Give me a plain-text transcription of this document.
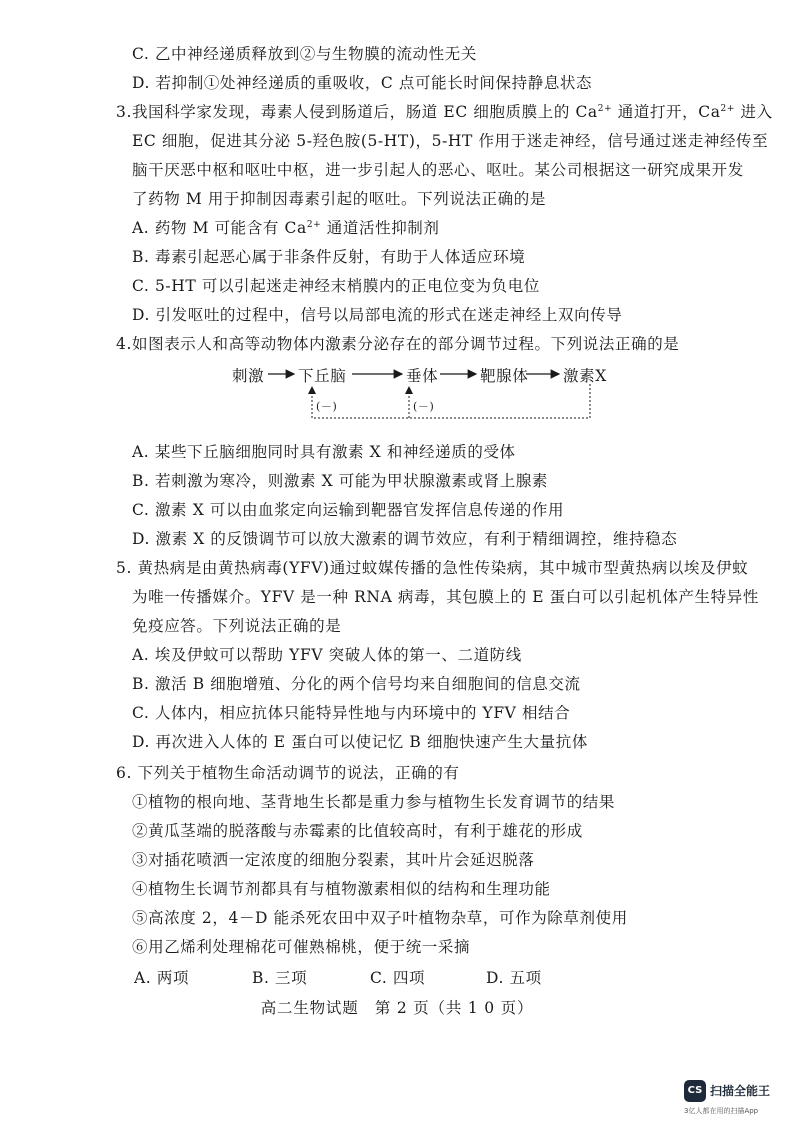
C. 乙中神经递质释放到②与生物膜的流动性无关
D. 若抑制①处神经递质的重吸收，C 点可能长时间保持静息状态
3.我国科学家发现，毒素人侵到肠道后，肠道 EC 细胞质膜上的 $Ca^{2+}$ 通道打开，$Ca^{2+}$ 进入
EC 细胞，促进其分泌 5-羟色胺(5-HT)，5-HT 作用于迷走神经，信号通过迷走神经传至
脑干厌恶中枢和呕吐中枢，进一步引起人的恶心、呕吐。某公司根据这一研究成果开发
了药物 M 用于抑制因毒素引起的呕吐。下列说法正确的是
A. 药物 M 可能含有 $Ca^{2+}$ 通道活性抑制剂
B. 毒素引起恶心属于非条件反射，有助于人体适应环境
C. 5-HT 可以引起迷走神经末梢膜内的正电位变为负电位
D. 引发呕吐的过程中，信号以局部电流的形式在迷走神经上双向传导
4.如图表示人和高等动物体内激素分泌存在的部分调节过程。下列说法正确的是
刺激 下丘脑	垂体	靶腺体 激素X
(－)	(－)
A. 某些下丘脑细胞同时具有激素 X 和神经递质的受体
B. 若刺激为寒冷，则激素 X 可能为甲状腺激素或肾上腺素
C. 激素 X 可以由血浆定向运输到靶器官发挥信息传递的作用
D. 激素 X 的反馈调节可以放大激素的调节效应，有利于精细调控，维持稳态
5. 黄热病是由黄热病毒(YFV)通过蚊媒传播的急性传染病，其中城市型黄热病以埃及伊蚊
为唯一传播媒介。YFV 是一种 RNA 病毒，其包膜上的 E 蛋白可以引起机体产生特异性
免疫应答。下列说法正确的是
A. 埃及伊蚊可以帮助 YFV 突破人体的第一、二道防线
B. 激活 B 细胞增殖、分化的两个信号均来自细胞间的信息交流
C. 人体内，相应抗体只能特异性地与内环境中的 YFV 相结合
D. 再次进入人体的 E 蛋白可以使记忆 B 细胞快速产生大量抗体
6. 下列关于植物生命活动调节的说法，正确的有
①植物的根向地、茎背地生长都是重力参与植物生长发育调节的结果
②黄瓜茎端的脱落酸与赤霉素的比值较高时，有利于雄花的形成
③对插花喷洒一定浓度的细胞分裂素，其叶片会延迟脱落
④植物生长调节剂都具有与植物激素相似的结构和生理功能
⑤高浓度 2，4－D 能杀死农田中双子叶植物杂草，可作为除草剂使用
⑥用乙烯利处理棉花可催熟棉桃，便于统一采摘
A. 两项	B. 三项	C. 四项	D. 五项
高二生物试题　第 2 页（共 1 0 页）
CS 扫描全能王
3亿人都在用的扫描App
